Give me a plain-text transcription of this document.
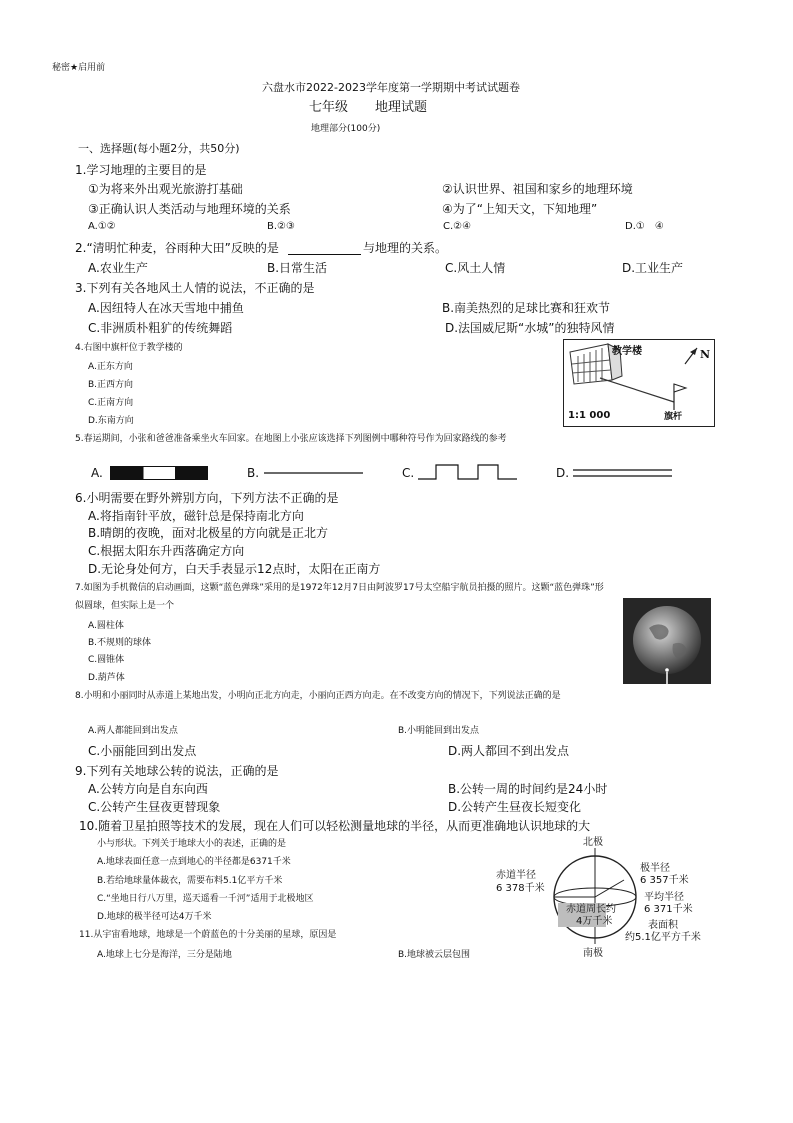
秘密★启用前
六盘水市2022-2023学年度第一学期期中考试试题卷
七年级 地理试题
地理部分(100分)
一、选择题(每小题2分，共50分)
1.学习地理的主要目的是
①为将来外出观光旅游打基础	②认识世界、祖国和家乡的地理环境
③正确认识人类活动与地理环境的关系	④为了“上知天文，下知地理”
A.①②	B.②③	C.②④	D.①　④
2.“清明忙种麦，谷雨种大田”反映的是	与地理的关系。
A.农业生产	B.日常生活	C.风土人情	D.工业生产
3.下列有关各地风土人情的说法，不正确的是
A.因纽特人在冰天雪地中捕鱼	B.南美热烈的足球比赛和狂欢节
C.非洲质朴粗犷的传统舞蹈	D.法国威尼斯“水城”的独特风情
4.右图中旗杆位于教学楼的
A.正东方向
B.正西方向
C.正南方向
D.东南方向
教学楼	N
1:1 000	旗杆
5.春运期间，小张和爸爸准备乘坐火车回家。在地图上小张应该选择下列图例中哪种符号作为回家路线的参考
A.	B.	C.	D.
6.小明需要在野外辨别方向，下列方法不正确的是
A.将指南针平放，磁针总是保持南北方向
B.晴朗的夜晚，面对北极星的方向就是正北方
C.根据太阳东升西落确定方向
D.无论身处何方，白天手表显示12点时，太阳在正南方
7.如图为手机微信的启动画面，这颗“蓝色弹珠”采用的是1972年12月7日由阿波罗17号太空船宇航员拍摄的照片。这颗“蓝色弹珠”形
似圆球，但实际上是一个
A.圆柱体
B.不规则的球体
C.圆锥体
D.葫芦体
8.小明和小丽同时从赤道上某地出发，小明向正北方向走，小丽向正西方向走。在不改变方向的情况下，下列说法正确的是
A.两人都能回到出发点	B.小明能回到出发点
C.小丽能回到出发点	D.两人都回不到出发点
9.下列有关地球公转的说法，正确的是
A.公转方向是自东向西	B.公转一周的时间约是24小时
C.公转产生昼夜更替现象	D.公转产生昼夜长短变化
10.随着卫星拍照等技术的发展，现在人们可以轻松测量地球的半径，从而更准确地认识地球的大
小与形状。下列关于地球大小的表述，正确的是
A.地球表面任意一点到地心的半径都是6371千米
B.若给地球量体裁衣，需要布料5.1亿平方千米
C.“坐地日行八万里，巡天遥看一千河”适用于北极地区
D.地球的极半径可达4万千米
北极
南极
赤道半径
6 378千米
极半径
6 357千米
平均半径
6 371千米
赤道周长约
4万千米	表面积
约5.1亿平方千米
11.从宇宙看地球，地球是一个蔚蓝色的十分美丽的星球，原因是
A.地球上七分是海洋，三分是陆地	B.地球被云层包围
